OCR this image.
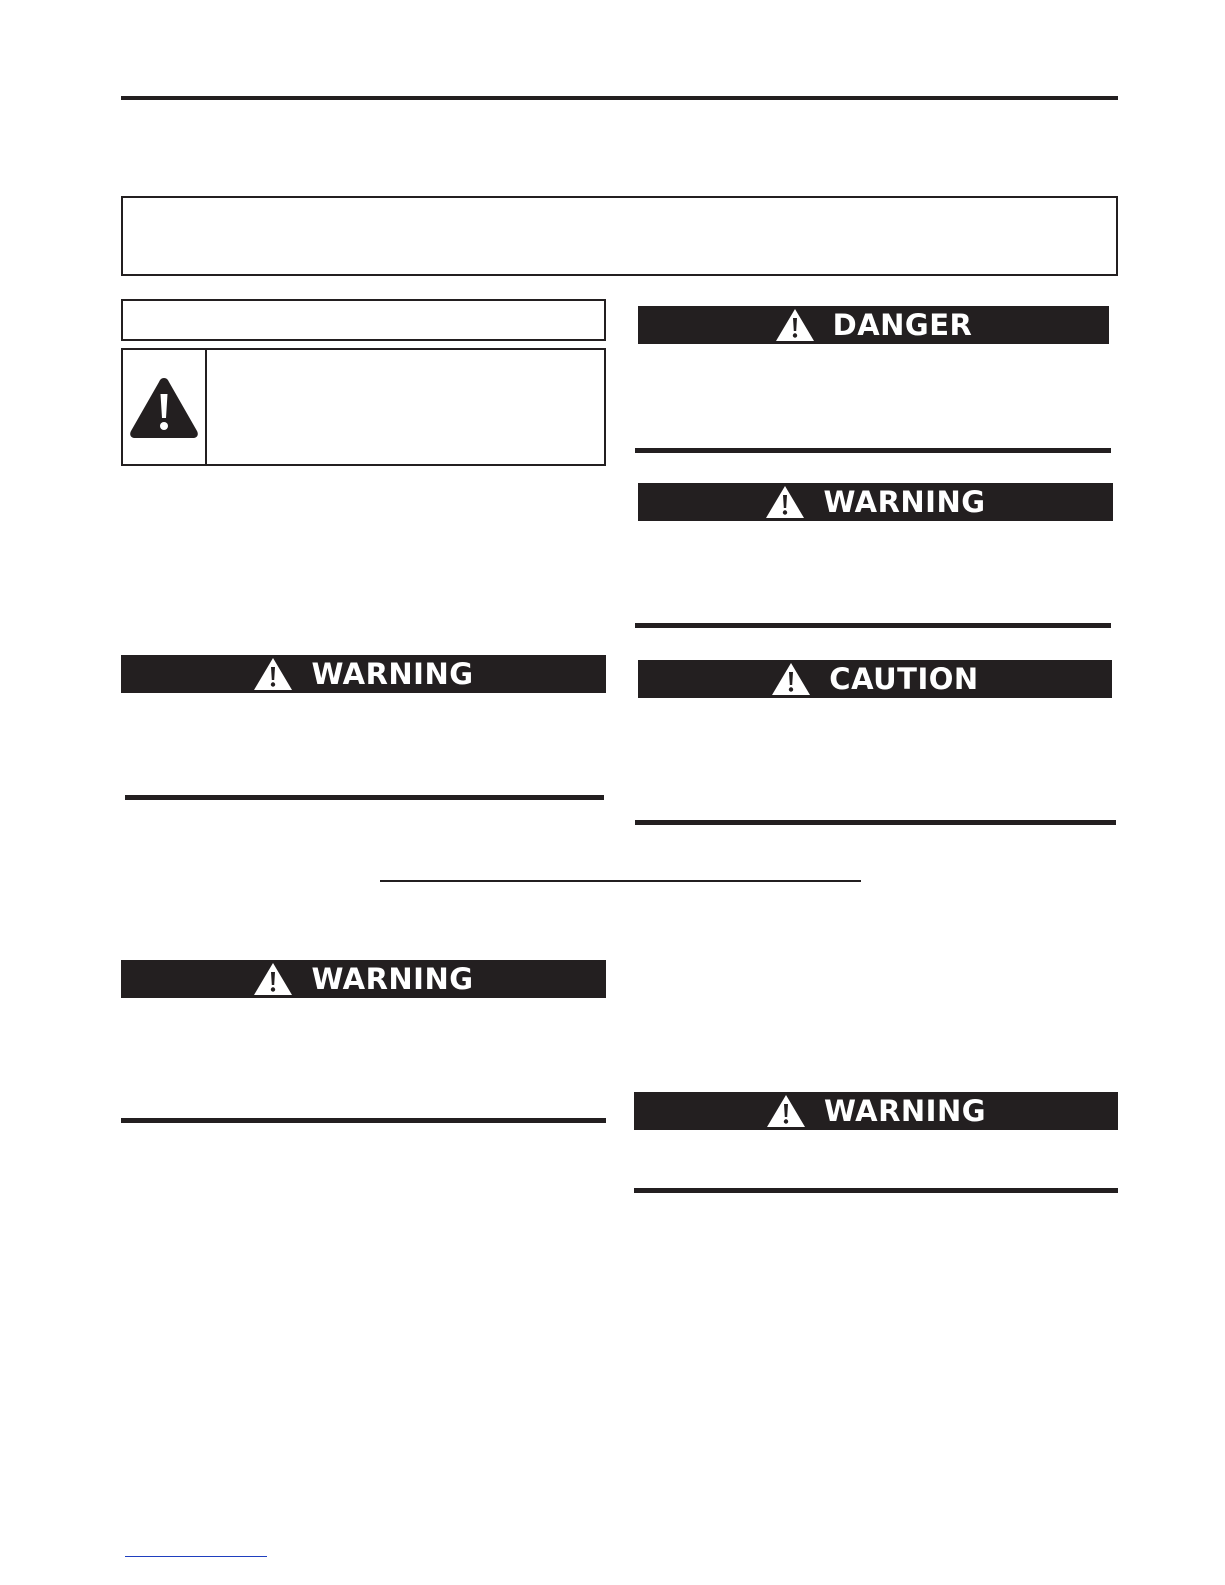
WARNING
WARNING
DANGER
WARNING
CAUTION
WARNING
